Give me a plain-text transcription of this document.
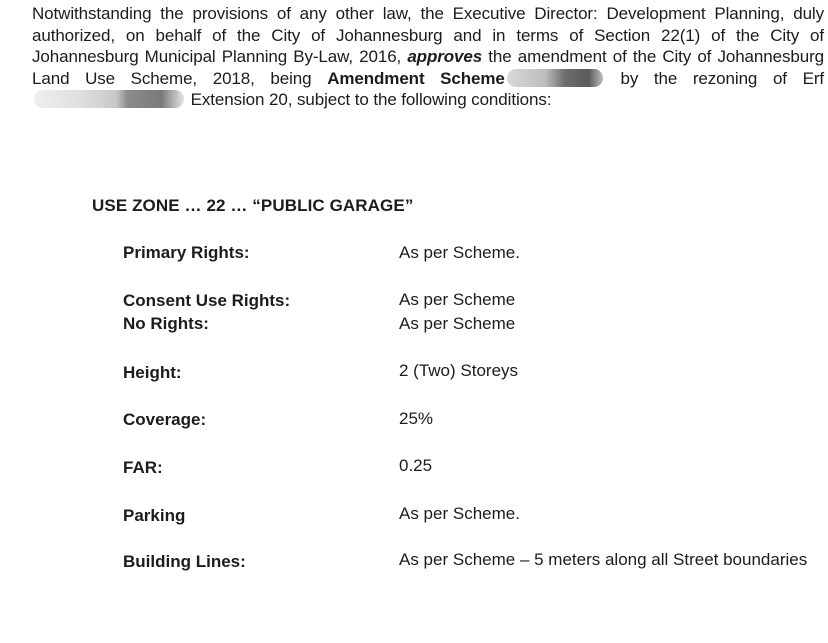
Notwithstanding the provisions of any other law, the Executive Director: Development Planning, duly authorized, on behalf of the City of Johannesburg and in terms of Section 22(1) of the City of Johannesburg Municipal Planning By-Law, 2016, approves the amendment of the City of Johannesburg Land Use Scheme, 2018, being Amendment Scheme	by the rezoning of Erf  Extension 20, subject to the following conditions:
USE ZONE … 22 … “PUBLIC GARAGE”
Primary Rights:	As per Scheme.
Consent Use Rights:	As per Scheme
No Rights:	As per Scheme
Height:	2 (Two) Storeys
Coverage:	25%
FAR:	0.25
Parking	As per Scheme.
Building Lines:	As per Scheme – 5 meters along all Street boundaries
